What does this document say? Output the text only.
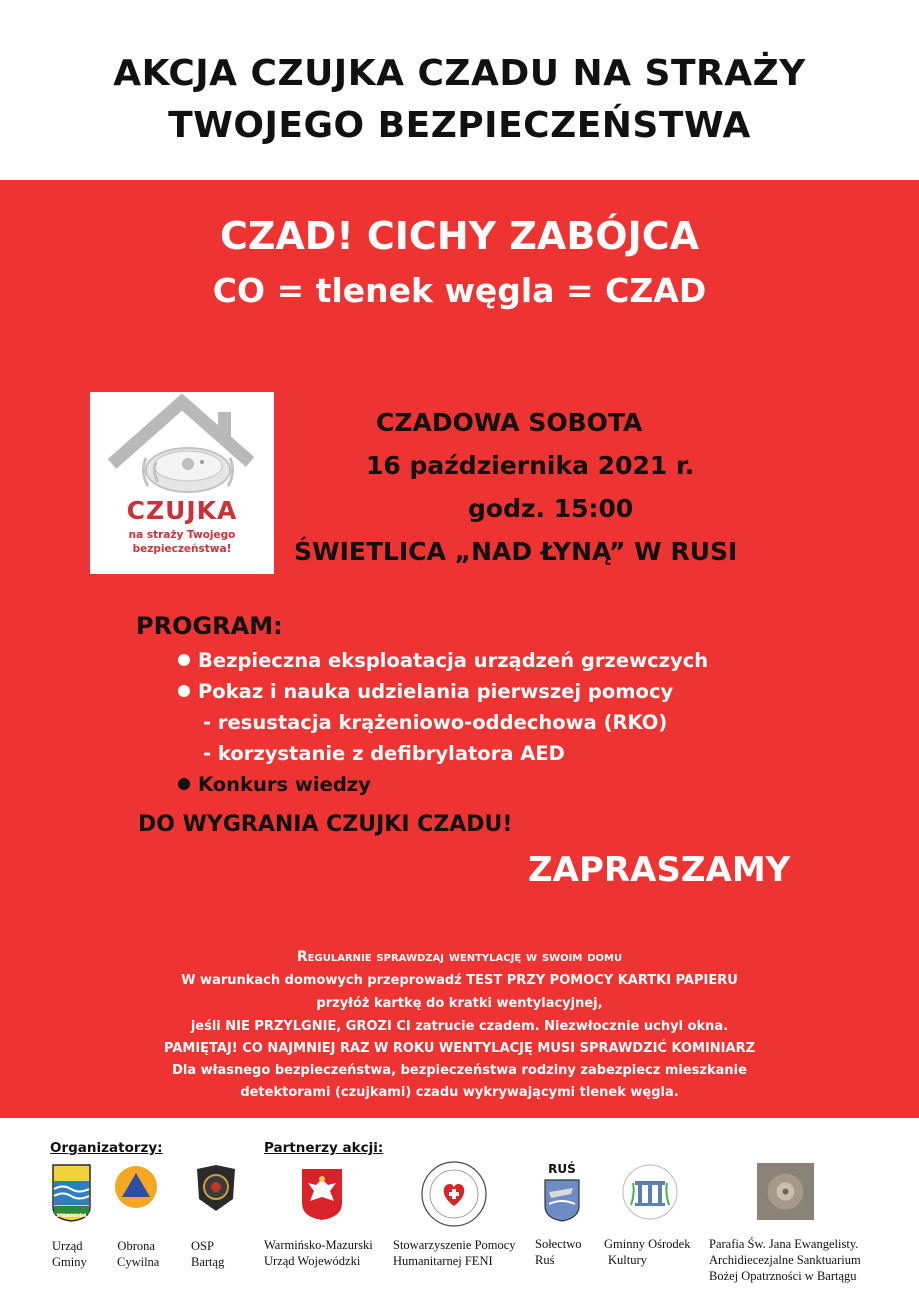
AKCJA CZUJKA CZADU NA STRAŻY
TWOJEGO BEZPIECZEŃSTWA
CZAD! CICHY ZABÓJCA
CO = tlenek węgla = CZAD
CZUJKA
na straży Twojego
bezpieczeństwa!
CZADOWA SOBOTA
16 października 2021 r.
godz. 15:00
ŚWIETLICA „NAD ŁYNĄ” W RUSI
PROGRAM:
Bezpieczna eksploatacja urządzeń grzewczych
Pokaz i nauka udzielania pierwszej pomocy
- resustacja krążeniowo-oddechowa (RKO)
- korzystanie z defibrylatora AED
Konkurs wiedzy
DO WYGRANIA CZUJKI CZADU!
ZAPRASZAMY
Regularnie sprawdzaj wentylację w swoim domu
W warunkach domowych przeprowadź TEST PRZY POMOCY KARTKI PAPIERU
przyłóż kartkę do kratki wentylacyjnej,
jeśli NIE PRZYLGNIE, GROZI CI zatrucie czadem. Niezwłocznie uchyl okna.
PAMIĘTAJ! CO NAJMNIEJ RAZ W ROKU WENTYLACJĘ MUSI SPRAWDZIĆ KOMINIARZ
Dla własnego bezpieczeństwa, bezpieczeństwa rodziny zabezpiecz mieszkanie
detektorami (czujkami) czadu wykrywającymi tlenek węgla.
Organizatorzy:	Partnerzy akcji:
STAWIGUDA
RUŚ
Urząd
Gminy
Obrona
Cywilna
OSP
Bartąg
Warmińsko-Mazurski
Urząd Wojewódzki
Stowarzyszenie Pomocy
Humanitarnej FENI
Sołectwo
Ruś
Gminny Ośrodek
Kultury
Parafia Św. Jana Ewangelisty.
Archidiecezjalne Sanktuarium
Bożej Opatrzności w Bartągu
